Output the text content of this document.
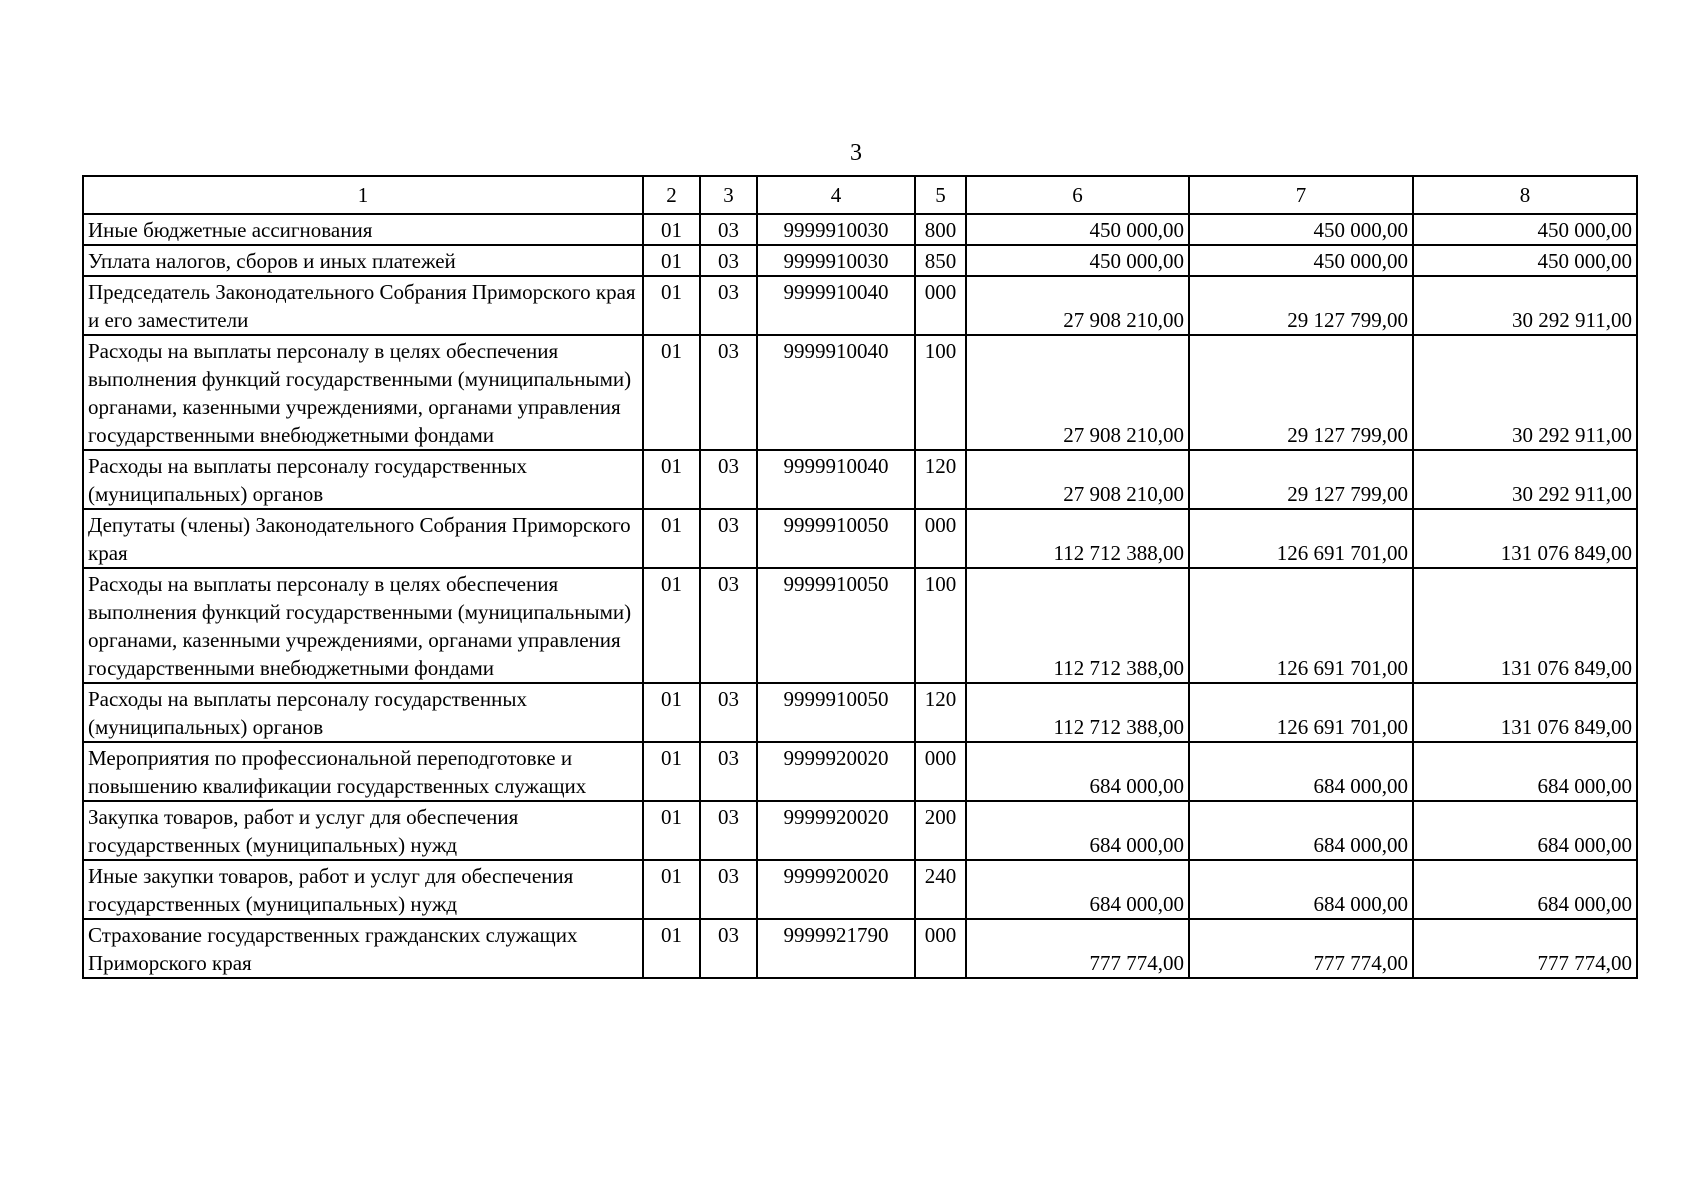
3
1	2	3	4	5	6	7	8
Иные бюджетные ассигнования	01	03	9999910030	800	450 000,00	450 000,00	450 000,00
Уплата налогов, сборов и иных платежей	01	03	9999910030	850	450 000,00	450 000,00	450 000,00
Председатель Законодательного Собрания Приморского края и его заместители	01	03	9999910040	000	27 908 210,00	29 127 799,00	30 292 911,00
Расходы на выплаты персоналу в целях обеспечения выполнения функций государственными (муниципальными) органами, казенными учреждениями, органами управления государственными внебюджетными фондами	01	03	9999910040	100	27 908 210,00	29 127 799,00	30 292 911,00
Расходы на выплаты персоналу государственных (муниципальных) органов	01	03	9999910040	120	27 908 210,00	29 127 799,00	30 292 911,00
Депутаты (члены) Законодательного Собрания Приморского края	01	03	9999910050	000	112 712 388,00	126 691 701,00	131 076 849,00
Расходы на выплаты персоналу в целях обеспечения выполнения функций государственными (муниципальными) органами, казенными учреждениями, органами управления государственными внебюджетными фондами	01	03	9999910050	100	112 712 388,00	126 691 701,00	131 076 849,00
Расходы на выплаты персоналу государственных (муниципальных) органов	01	03	9999910050	120	112 712 388,00	126 691 701,00	131 076 849,00
Мероприятия по профессиональной переподготовке и повышению квалификации государственных служащих	01	03	9999920020	000	684 000,00	684 000,00	684 000,00
Закупка товаров, работ и услуг для обеспечения государственных (муниципальных) нужд	01	03	9999920020	200	684 000,00	684 000,00	684 000,00
Иные закупки товаров, работ и услуг для обеспечения государственных (муниципальных) нужд	01	03	9999920020	240	684 000,00	684 000,00	684 000,00
Страхование государственных гражданских служащих Приморского края	01	03	9999921790	000	777 774,00	777 774,00	777 774,00
